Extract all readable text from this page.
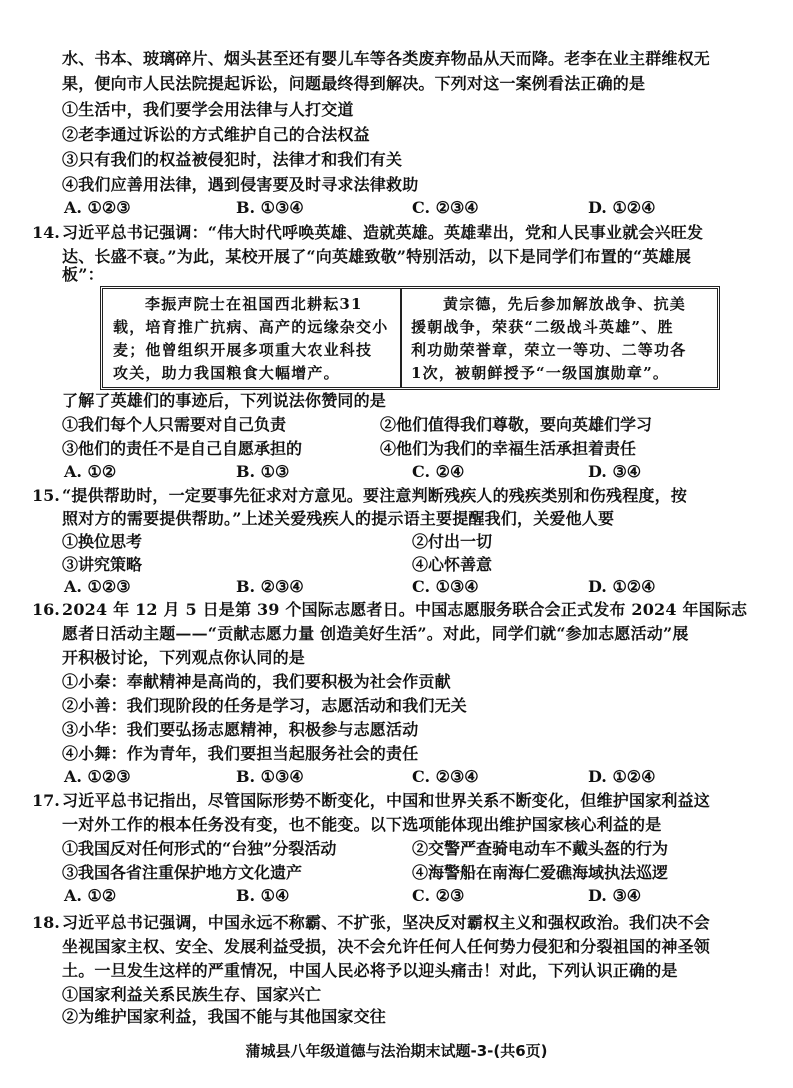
水、书本、玻璃碎片、烟头甚至还有婴儿车等各类废弃物品从天而降。老李在业主群维权无
果，便向市人民法院提起诉讼，问题最终得到解决。下列对这一案例看法正确的是
①生活中，我们要学会用法律与人打交道
②老李通过诉讼的方式维护自己的合法权益
③只有我们的权益被侵犯时，法律才和我们有关
④我们应善用法律，遇到侵害要及时寻求法律救助
A. ①②③	B. ①③④	C. ②③④	D. ①②④
14. 习近平总书记强调：“伟大时代呼唤英雄、造就英雄。英雄辈出，党和人民事业就会兴旺发
达、长盛不衰。”为此，某校开展了“向英雄致敬”特别活动，以下是同学们布置的“英雄展
板”：

李振声院士在祖国西北耕耘31

载，培育推广抗病、高产的远缘杂交小

麦；他曾组织开展多项重大农业科技

攻关，助力我国粮食大幅增产。

黄宗德，先后参加解放战争、抗美

援朝战争，荣获“二级战斗英雄”、胜

利功勋荣誉章，荣立一等功、二等功各

1次，被朝鲜授予“一级国旗勋章”。

了解了英雄们的事迹后，下列说法你赞同的是
①我们每个人只需要对自己负责	②他们值得我们尊敬，要向英雄们学习
③他们的责任不是自己自愿承担的	④他们为我们的幸福生活承担着责任
A. ①②	B. ①③	C. ②④	D. ③④
15. “提供帮助时，一定要事先征求对方意见。要注意判断残疾人的残疾类别和伤残程度，按
照对方的需要提供帮助。”上述关爱残疾人的提示语主要提醒我们，关爱他人要
①换位思考	②付出一切
③讲究策略	④心怀善意
A. ①②③	B. ②③④	C. ①③④	D. ①②④
16. 2024 年 12 月 5 日是第 39 个国际志愿者日。中国志愿服务联合会正式发布 2024 年国际志
愿者日活动主题——“贡献志愿力量 创造美好生活”。对此，同学们就“参加志愿活动”展
开积极讨论，下列观点你认同的是
①小秦：奉献精神是高尚的，我们要积极为社会作贡献
②小善：我们现阶段的任务是学习，志愿活动和我们无关
③小华：我们要弘扬志愿精神，积极参与志愿活动
④小舞：作为青年，我们要担当起服务社会的责任
A. ①②③	B. ①③④	C. ②③④	D. ①②④
17. 习近平总书记指出，尽管国际形势不断变化，中国和世界关系不断变化，但维护国家利益这
一对外工作的根本任务没有变，也不能变。以下选项能体现出维护国家核心利益的是
①我国反对任何形式的“台独”分裂活动	②交警严查骑电动车不戴头盔的行为
③我国各省注重保护地方文化遗产	④海警船在南海仁爱礁海域执法巡逻
A. ①②	B. ①④	C. ②③	D. ③④
18. 习近平总书记强调，中国永远不称霸、不扩张，坚决反对霸权主义和强权政治。我们决不会
坐视国家主权、安全、发展利益受损，决不会允许任何人任何势力侵犯和分裂祖国的神圣领
土。一旦发生这样的严重情况，中国人民必将予以迎头痛击！对此，下列认识正确的是
①国家利益关系民族生存、国家兴亡
②为维护国家利益，我国不能与其他国家交往
蒲城县八年级道德与法治期末试题-3-(共6页)
